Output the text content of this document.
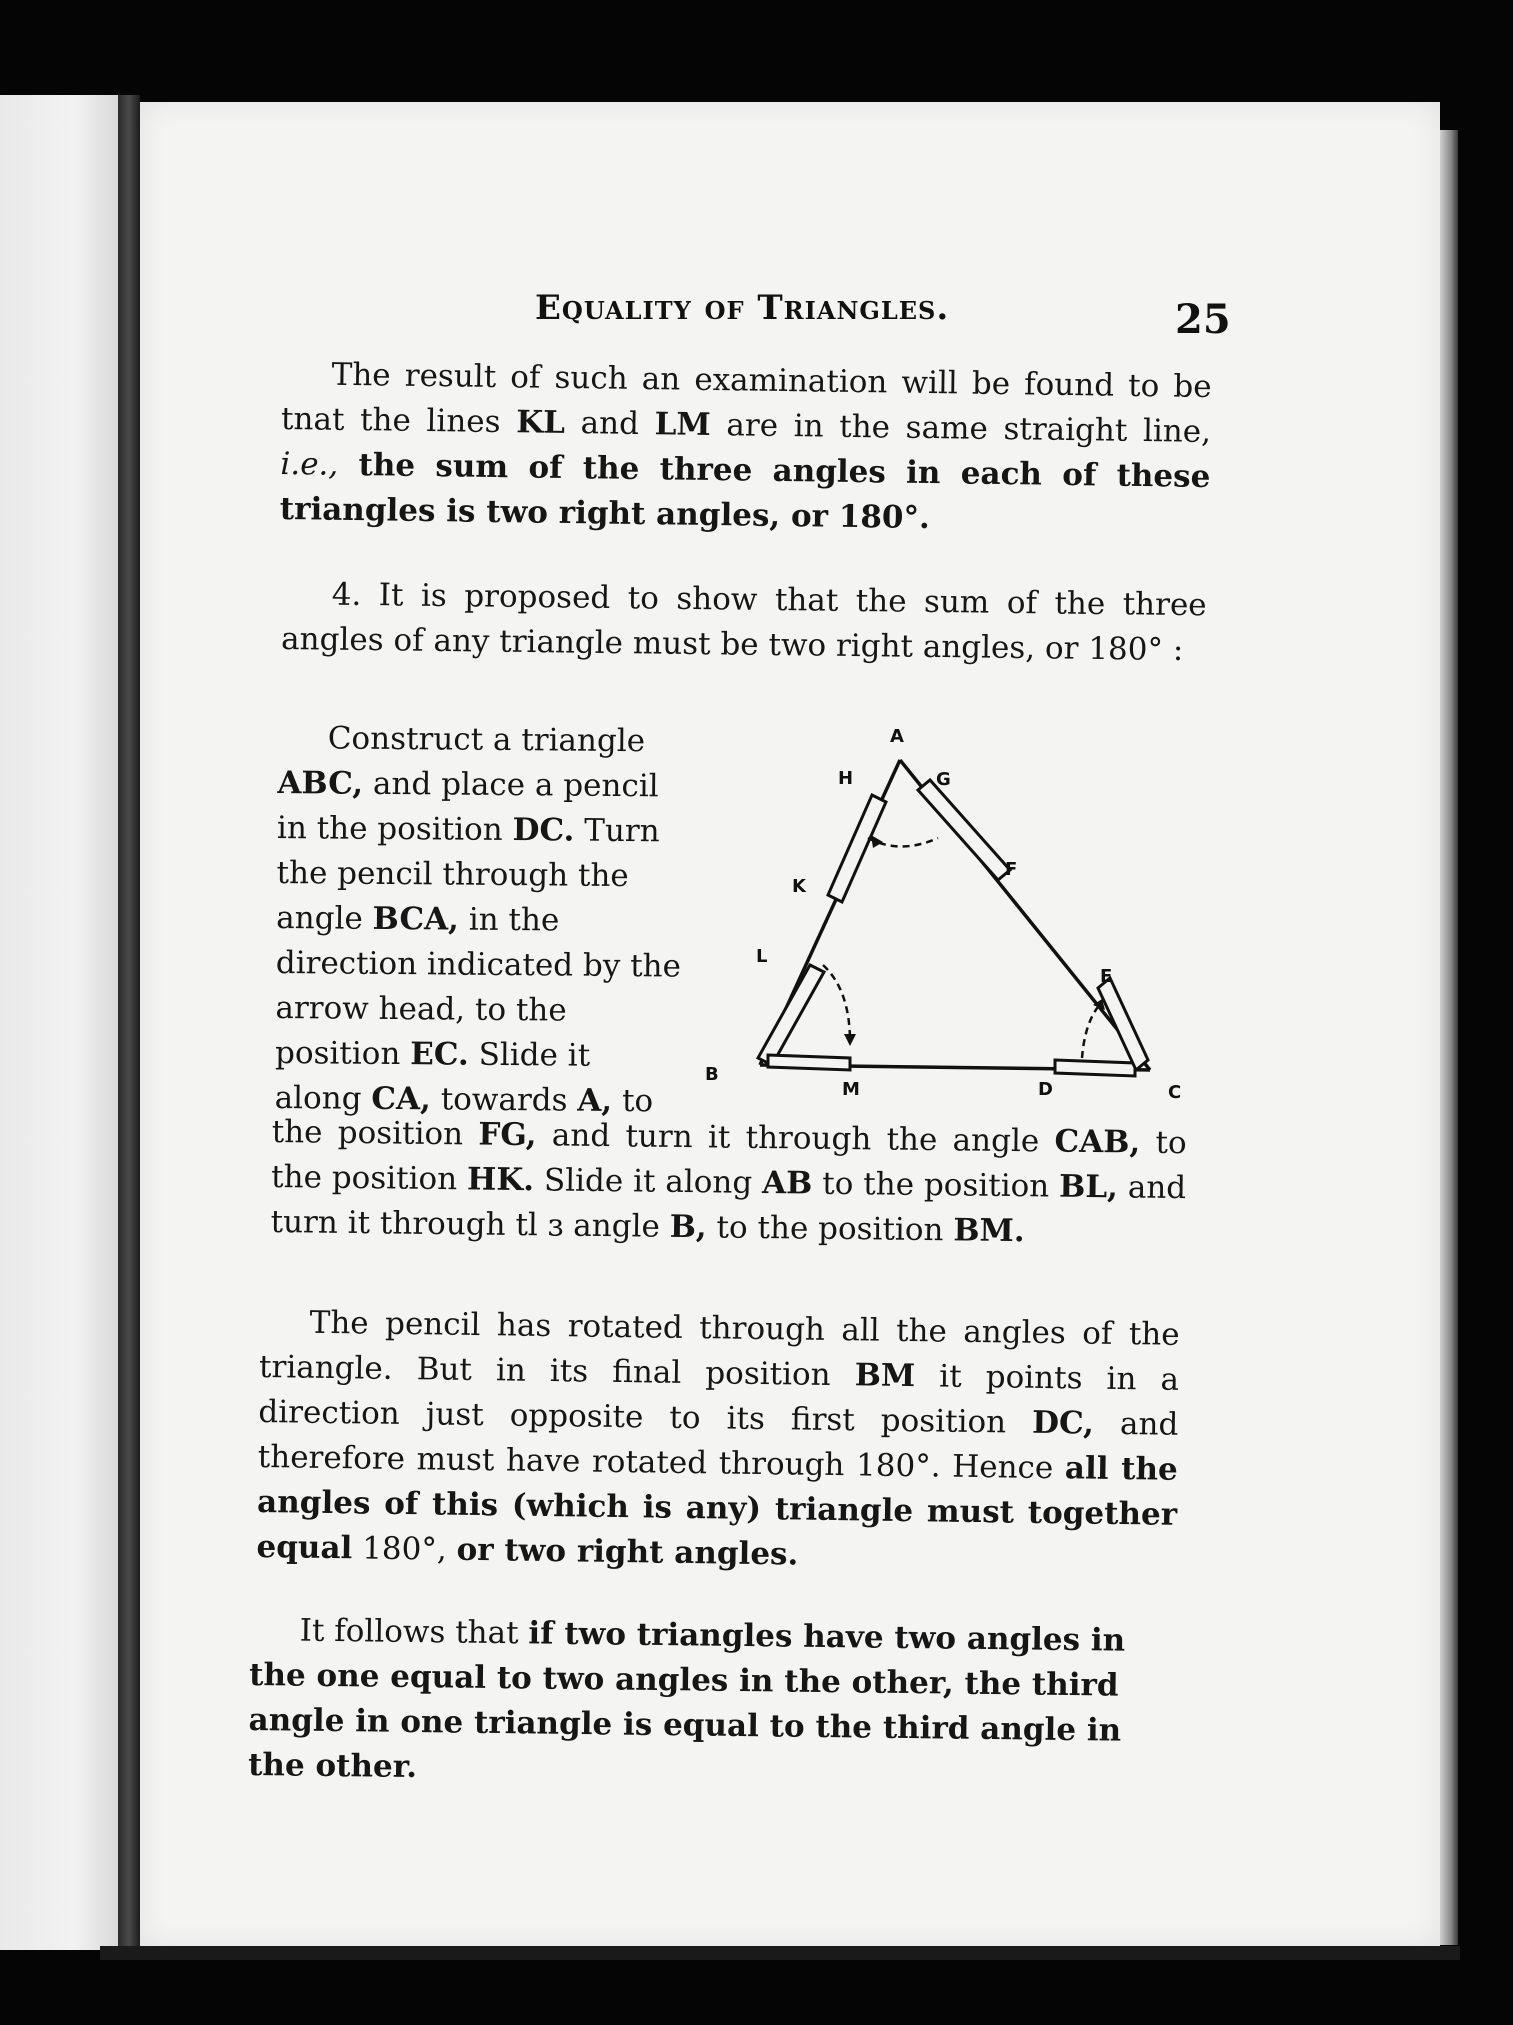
Equality of Triangles.	25
The result of such an examination will be found to be tnat the lines KL and LM are in the same straight line, i.e., the sum of the three angles in each of these triangles is two right angles, or 180°.
4. It is proposed to show that the sum of the three angles of any triangle must be two right angles, or 180° :
Construct a triangle ABC, and place a pencil in the position DC. Turn the pencil through the angle BCA, in the direction indicated by the arrow head, to the position EC. Slide it along CA, towards A, to
the position FG, and turn it through the angle CAB, to the position HK. Slide it along AB to the position BL, and turn it through tl ɜ angle B, to the position BM.
The pencil has rotated through all the angles of the triangle. But in its final position BM it points in a direction just opposite to its first position DC, and therefore must have rotated through 180°. Hence all the angles of this (which is any) triangle must together equal 180°, or two right angles.
It follows that if two triangles have two angles in the one equal to two angles in the other, the third angle in one triangle is equal to the third angle in the other.
A
B
C
D
E
F
G
H
K
L
M
